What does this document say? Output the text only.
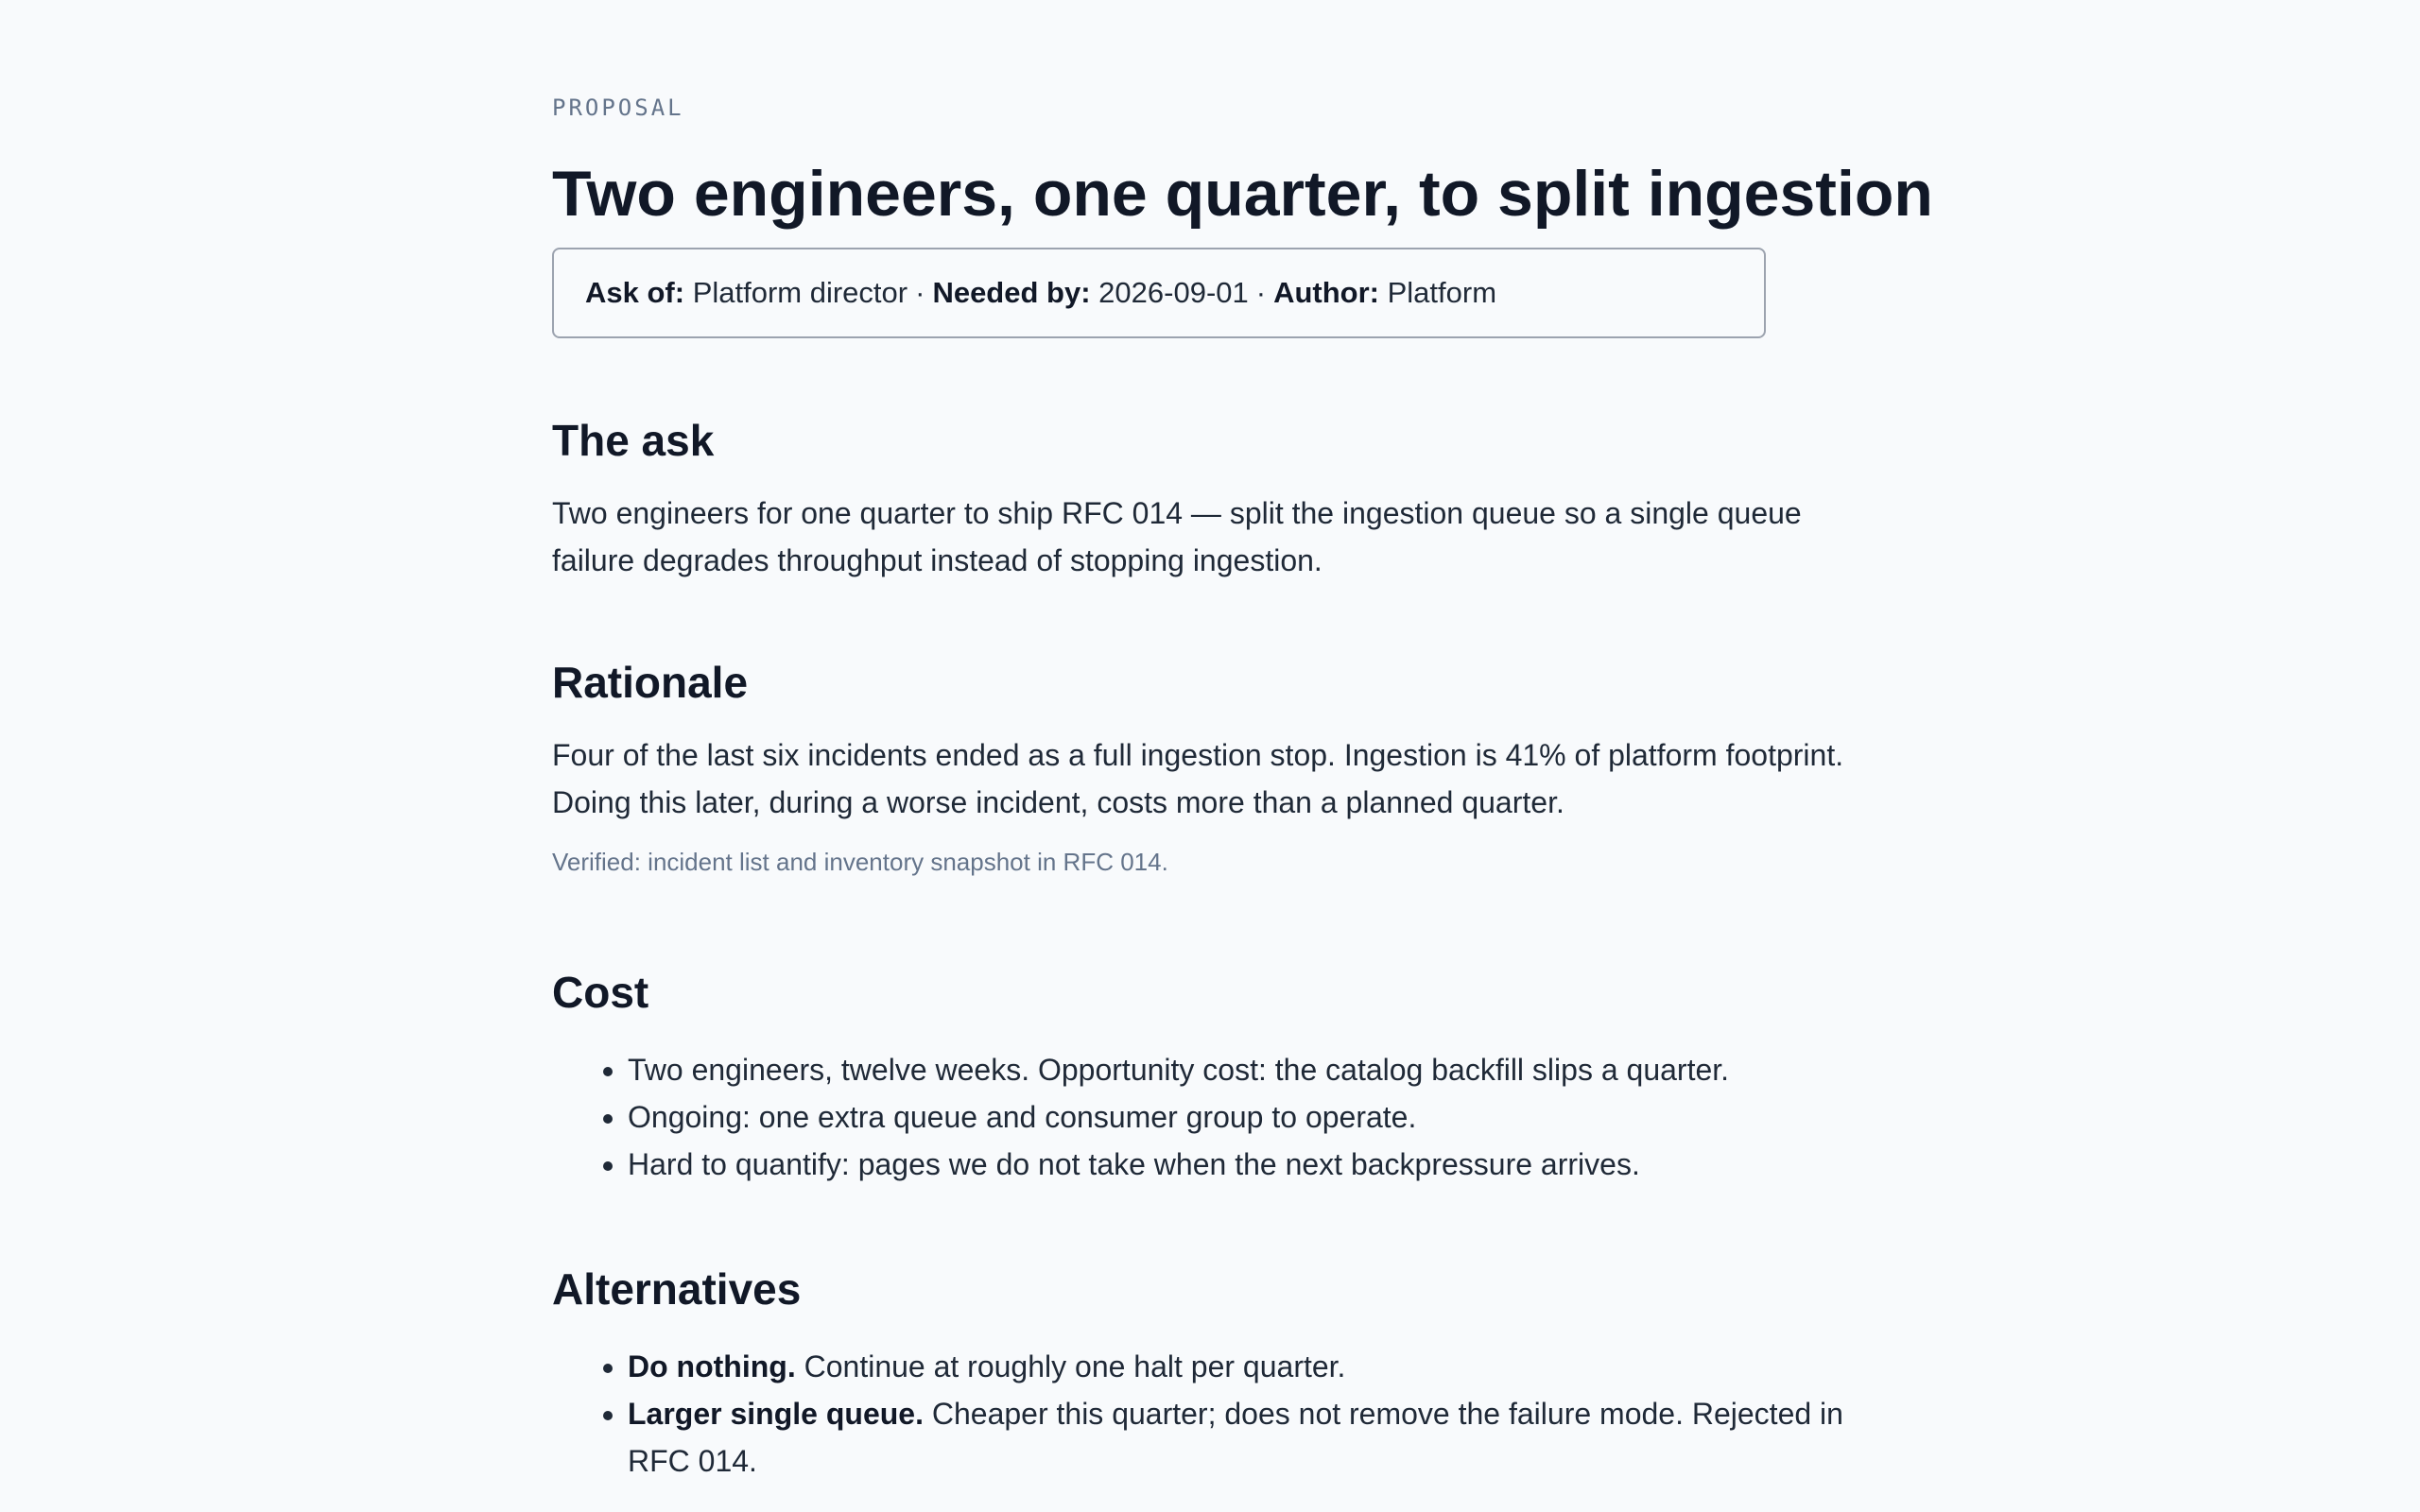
PROPOSAL
Two engineers, one quarter, to split ingestion
Ask of:
Platform director · Needed by:
2026-09-01 · Author:
Platform
The ask

Two engineers for one quarter to ship RFC 014 — split the ingestion queue so a single queue failure degrades throughput instead of stopping ingestion.

Rationale

Four of the last six incidents ended as a full ingestion stop. Ingestion is 41% of platform footprint. Doing this later, during a worse incident, costs more than a planned quarter.

Verified: incident list and inventory snapshot in RFC 014.

Cost
• Two engineers, twelve weeks. Opportunity cost: the catalog backfill slips a quarter.
• Ongoing: one extra queue and consumer group to operate.
• Hard to quantify: pages we do not take when the next backpressure arrives.
Alternatives
• Do nothing. Continue at roughly one halt per quarter.
• Larger single queue. Cheaper this quarter; does not remove the failure mode. Rejected in RFC 014.
